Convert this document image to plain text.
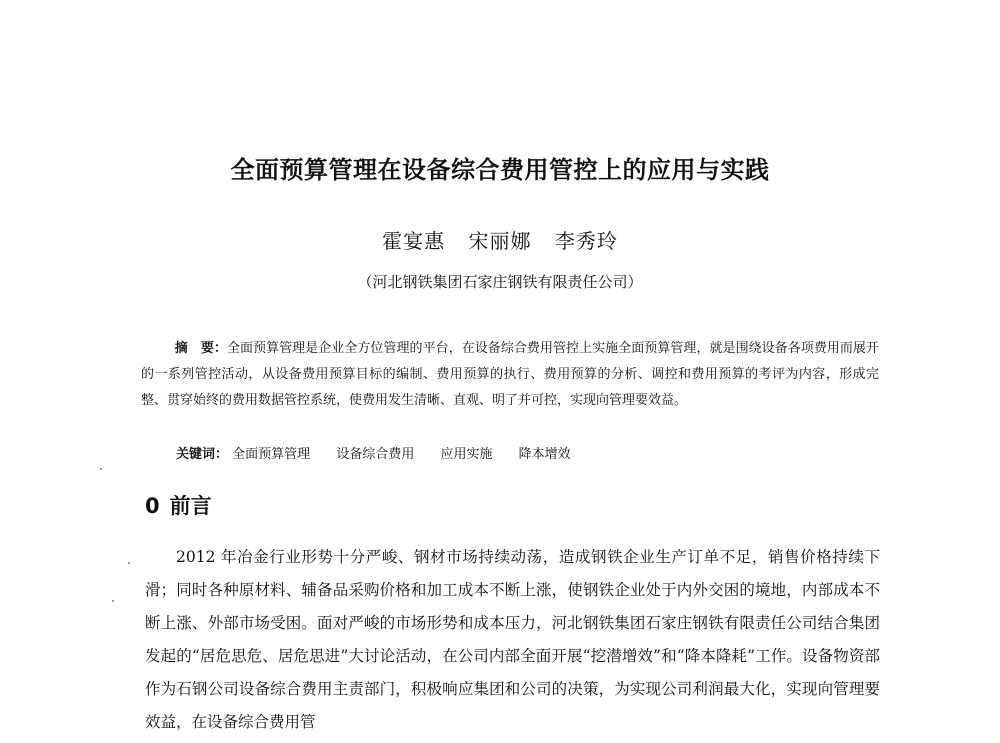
全面预算管理在设备综合费用管控上的应用与实践
霍宴惠 宋丽娜 李秀玲
（河北钢铁集团石家庄钢铁有限责任公司）

摘　要：全面预算管理是企业全方位管理的平台，在设备综合费用管控上实施全面预算管理，就是围绕设备各项费用而展开的一系列管控活动，从设备费用预算目标的编制、费用预算的执行、费用预算的分析、调控和费用预算的考评为内容，形成完整、贯穿始终的费用数据管控系统，使费用发生清晰、直观、明了并可控，实现向管理要效益。

关键词： 全面预算管理 设备综合费用 应用实施 降本增效
0 前言

2012 年冶金行业形势十分严峻、钢材市场持续动荡，造成钢铁企业生产订单不足，销售价格持续下滑；同时各种原材料、辅备品采购价格和加工成本不断上涨，使钢铁企业处于内外交困的境地，内部成本不断上涨、外部市场受困。面对严峻的市场形势和成本压力，河北钢铁集团石家庄钢铁有限责任公司结合集团发起的“居危思危、居危思进”大讨论活动，在公司内部全面开展“挖潜增效”和“降本降耗”工作。设备物资部作为石钢公司设备综合费用主责部门，积极响应集团和公司的决策，为实现公司利润最大化，实现向管理要效益，在设备综合费用管
